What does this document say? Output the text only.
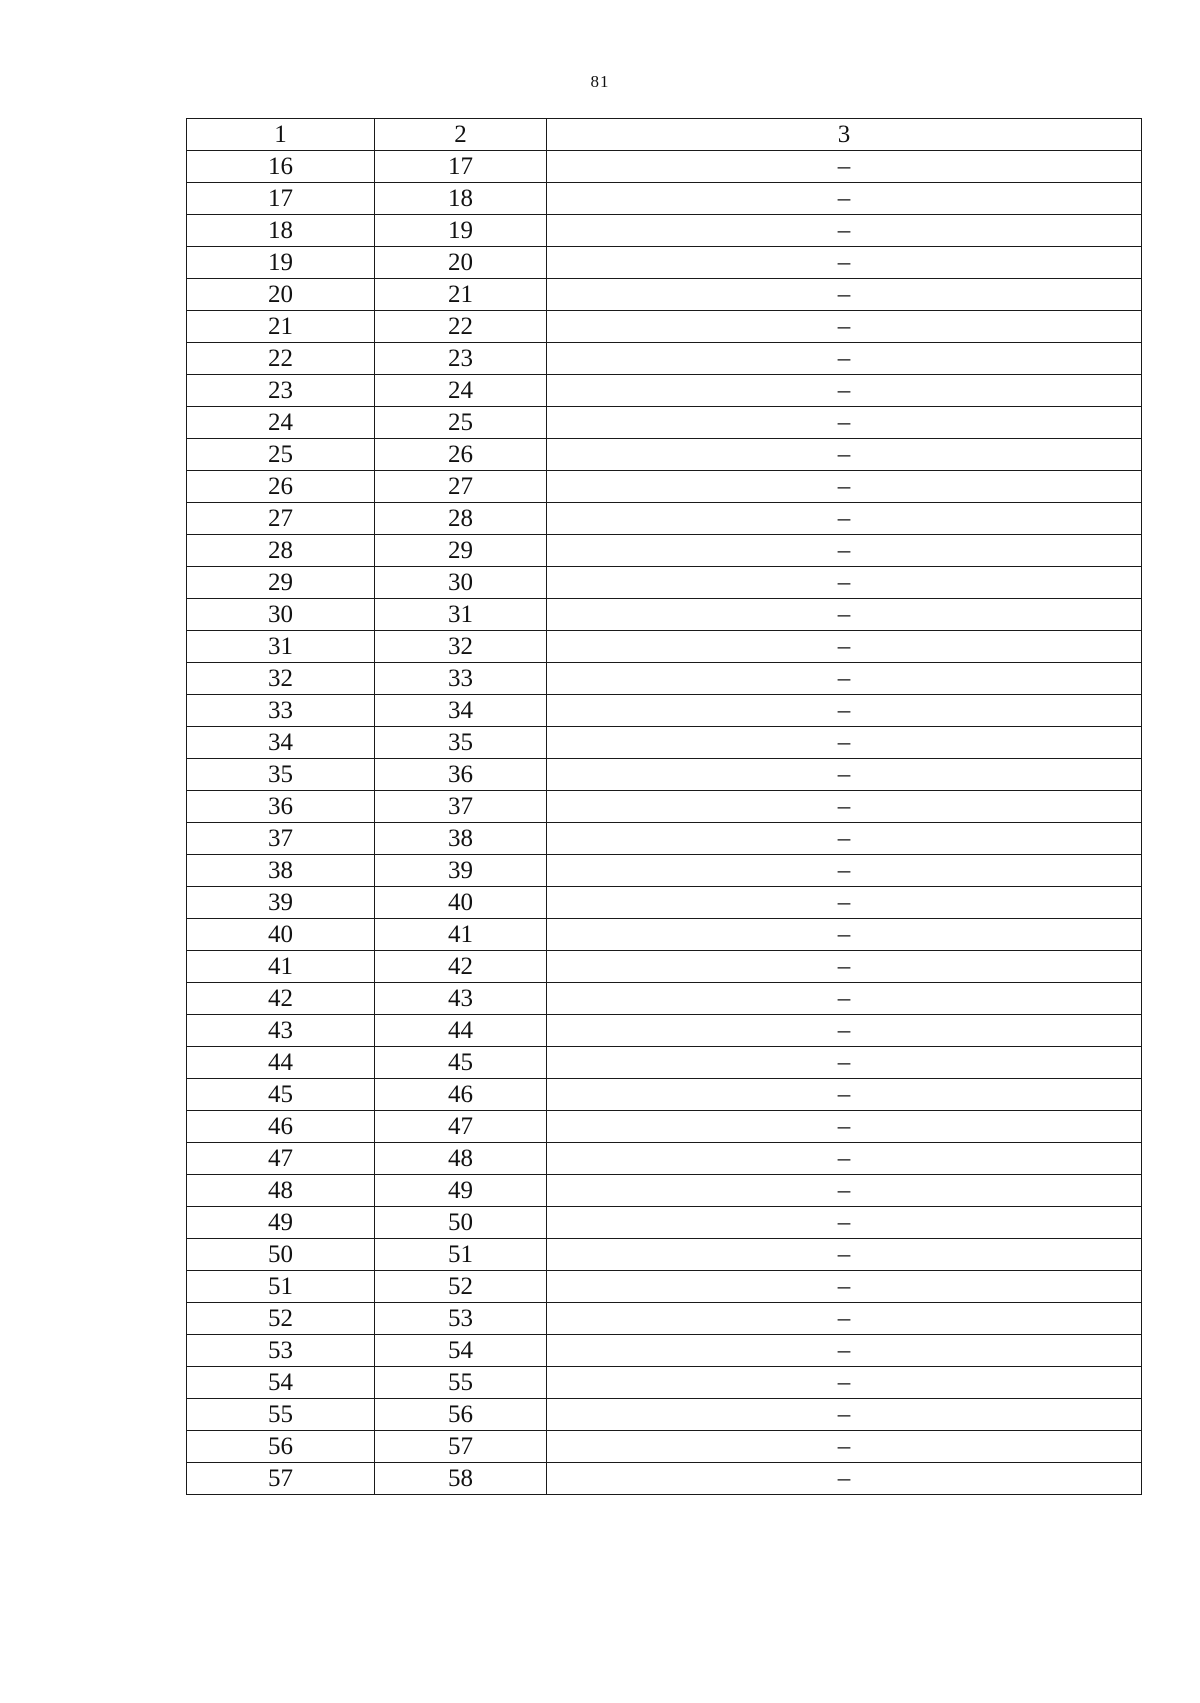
81
1	2	3
16	17	–
17	18	–
18	19	–
19	20	–
20	21	–
21	22	–
22	23	–
23	24	–
24	25	–
25	26	–
26	27	–
27	28	–
28	29	–
29	30	–
30	31	–
31	32	–
32	33	–
33	34	–
34	35	–
35	36	–
36	37	–
37	38	–
38	39	–
39	40	–
40	41	–
41	42	–
42	43	–
43	44	–
44	45	–
45	46	–
46	47	–
47	48	–
48	49	–
49	50	–
50	51	–
51	52	–
52	53	–
53	54	–
54	55	–
55	56	–
56	57	–
57	58	–
